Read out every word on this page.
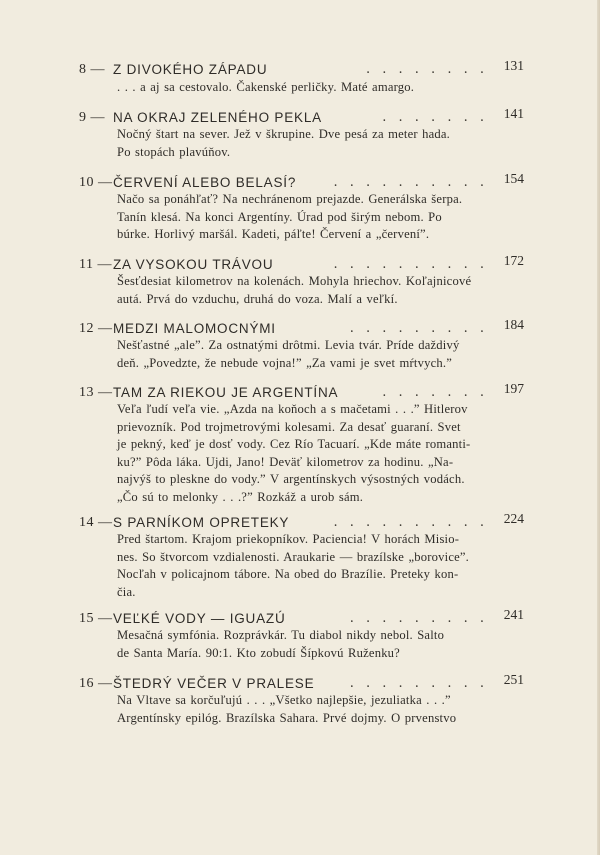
8 — Z DIVOKÉHO ZÁPADU	. . . . . . . . 131
. . . a aj sa cestovalo. Čakenské perličky. Maté amargo.
9 — NA OKRAJ ZELENÉHO PEKLA	. . . . . . . 141
Nočný štart na sever. Jež v škrupine. Dve pesá za meter hada.
Po stopách plavúňov.
10 — ČERVENÍ ALEBO BELASÍ?	. . . . . . . . . . 154
Načo sa ponáhľať? Na nechránenom prejazde. Generálska šerpa.
Tanín klesá. Na konci Argentíny. Úrad pod širým nebom. Po
búrke. Horlivý maršál. Kadeti, páľte! Červení a „červení”.
11 — ZA VYSOKOU TRÁVOU	. . . . . . . . . . 172
Šesťdesiat kilometrov na kolenách. Mohyla hriechov. Koľajnicové
autá. Prvá do vzduchu, druhá do voza. Malí a veľkí.
12 — MEDZI MALOMOCNÝMI	. . . . . . . . . 184
Nešťastné „ale”. Za ostnatými drôtmi. Levia tvár. Príde daždivý
deň. „Povedzte, že nebude vojna!” „Za vami je svet mŕtvych.”
13 — TAM ZA RIEKOU JE ARGENTÍNA	. . . . . . . 197
Veľa ľudí veľa vie. „Azda na koňoch a s mačetami . . .” Hitlerov
prievozník. Pod trojmetrovými kolesami. Za desať guaraní. Svet
je pekný, keď je dosť vody. Cez Río Tacuarí. „Kde máte romanti-
ku?” Pôda láka. Ujdi, Jano! Deväť kilometrov za hodinu. „Na-
najvýš to pleskne do vody.” V argentínskych výsostných vodách.
„Čo sú to melonky . . .?” Rozkáž a urob sám.
14 — S PARNÍKOM OPRETEKY	. . . . . . . . . . 224
Pred štartom. Krajom priekopníkov. Paciencia! V horách Misio-
nes. So štvorcom vzdialenosti. Araukarie — brazílske „borovice”.
Nocľah v policajnom tábore. Na obed do Brazílie. Preteky kon-
čia.
15 — VEĽKÉ VODY — IGUAZÚ	. . . . . . . . . 241
Mesačná symfónia. Rozprávkár. Tu diabol nikdy nebol. Salto
de Santa María. 90:1. Kto zobudí Šípkovú Ruženku?
16 — ŠTEDRÝ VEČER V PRALESE	. . . . . . . . . 251
Na Vltave sa korčuľujú . . . „Všetko najlepšie, jezuliatka . . .”
Argentínsky epilóg. Brazílska Sahara. Prvé dojmy. O prvenstvo
